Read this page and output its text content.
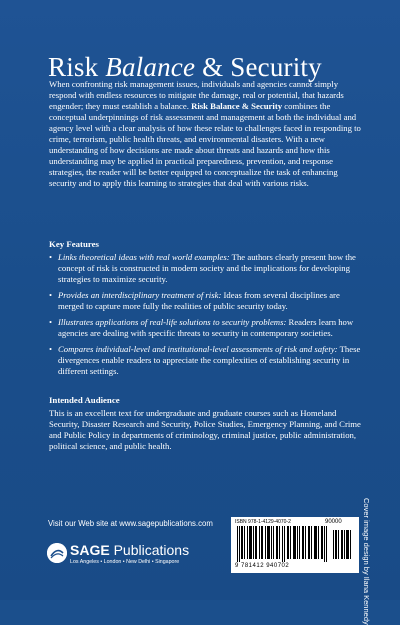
Risk Balance & Security

When confronting risk management issues, individuals and agencies cannot simply respond with endless resources to mitigate the damage, real or potential, that hazards engender; they must establish a balance. Risk Balance & Security combines the conceptual underpinnings of risk assessment and management at both the individual and agency level with a clear analysis of how these relate to challenges faced in responding to crime, terrorism, public health threats, and environmental disasters. With a new understanding of how decisions are made about threats and hazards and how this understanding may be applied in practical preparedness, prevention, and response strategies, the reader will be better equipped to conceptualize the task of enhancing security and to apply this learning to strategies that deal with various risks.

Key Features
• Links theoretical ideas with real world examples: The authors clearly present how the concept of risk is constructed in modern society and the implications for developing strategies to maximize security.
• Provides an interdisciplinary treatment of risk: Ideas from several disciplines are merged to capture more fully the realities of public security today.
• Illustrates applications of real-life solutions to security problems: Readers learn how agencies are dealing with specific threats to security in contemporary societies.
• Compares individual-level and institutional-level assessments of risk and safety: These divergences enable readers to appreciate the complexities of establishing security in different settings.
Intended Audience

This is an excellent text for undergraduate and graduate courses such as Homeland Security, Disaster Research and Security, Police Studies, Emergency Planning, and Crime and Public Policy in departments of criminology, criminal justice, public administration, political science, and public health.

Cover image design by Ilana Kennedy
Visit our Web site at www.sagepublications.com
SAGE Publications
Los Angeles • London • New Delhi • Singapore
ISBN 978-1-4129-4070-2	90000
9 781412 940702
